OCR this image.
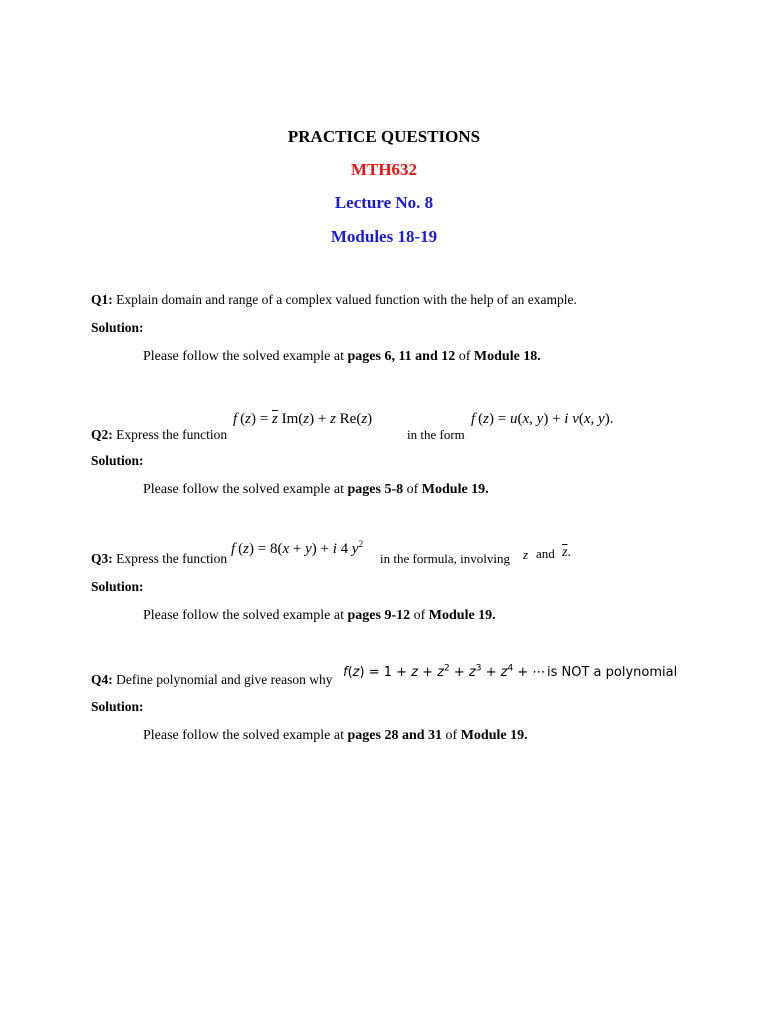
PRACTICE QUESTIONS
MTH632
Lecture No. 8
Modules 18-19
Q1: Explain domain and range of a complex valued function with the help of an example.
Solution:
Please follow the solved example at pages 6, 11 and 12 of Module 18.
Q2: Express the function
f $(z) = \overline{z}$ Im(z) + z Re(z)
in the form
f (z) = u(x, y) + i v(x, y).
Solution:
Please follow the solved example at pages 5-8 of Module 19.
Q3: Express the function
f (z) = 8(x + y) + i 4 $y^2$
in the formula, involving z and $\overline{z}$.
Solution:
Please follow the solved example at pages 9-12 of Module 19.
Q4: Define polynomial and give reason why $f(z) = 1 + z + z^2 + z^3 + z^4$ + ⋯ is NOT a polynomial
Solution:
Please follow the solved example at pages 28 and 31 of Module 19.
